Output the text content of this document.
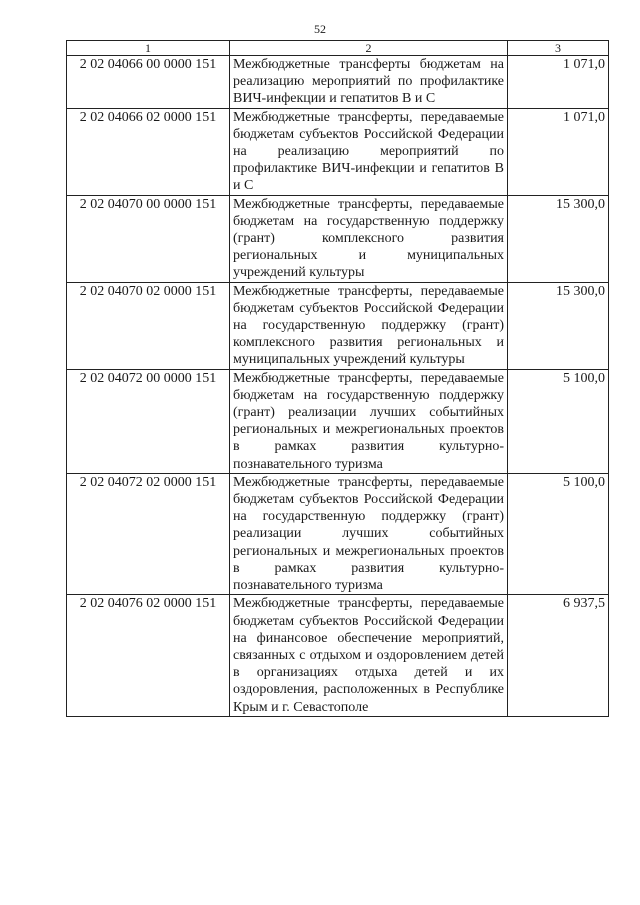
52
1	2	3
2 02 04066 00 0000 151	Межбюджетные трансферты бюджетам на реализацию мероприятий по профилактике ВИЧ-инфекции и гепатитов В и С	1 071,0
2 02 04066 02 0000 151	Межбюджетные трансферты, передаваемые бюджетам субъектов Российской Федерации на реализацию мероприятий по профилактике ВИЧ-инфекции и гепатитов В и С	1 071,0
2 02 04070 00 0000 151	Межбюджетные трансферты, передаваемые бюджетам на государственную поддержку (грант) комплексного развития региональных и муниципальных учреждений культуры	15 300,0
2 02 04070 02 0000 151	Межбюджетные трансферты, передаваемые бюджетам субъектов Российской Федерации на государственную поддержку (грант) комплексного развития региональных и муниципальных учреждений культуры	15 300,0
2 02 04072 00 0000 151	Межбюджетные трансферты, передаваемые бюджетам на государственную поддержку (грант) реализации лучших событийных региональных и межрегиональных проектов в рамках развития культурно-познавательного туризма	5 100,0
2 02 04072 02 0000 151	Межбюджетные трансферты, передаваемые бюджетам субъектов Российской Федерации на государственную поддержку (грант) реализации лучших событийных региональных и межрегиональных проектов в рамках развития культурно-познавательного туризма	5 100,0
2 02 04076 02 0000 151	Межбюджетные трансферты, передаваемые бюджетам субъектов Российской Федерации на финансовое обеспечение мероприятий, связанных с отдыхом и оздоровлением детей в организациях отдыха детей и их оздоровления, расположенных в Республике Крым и г. Севастополе	6 937,5
